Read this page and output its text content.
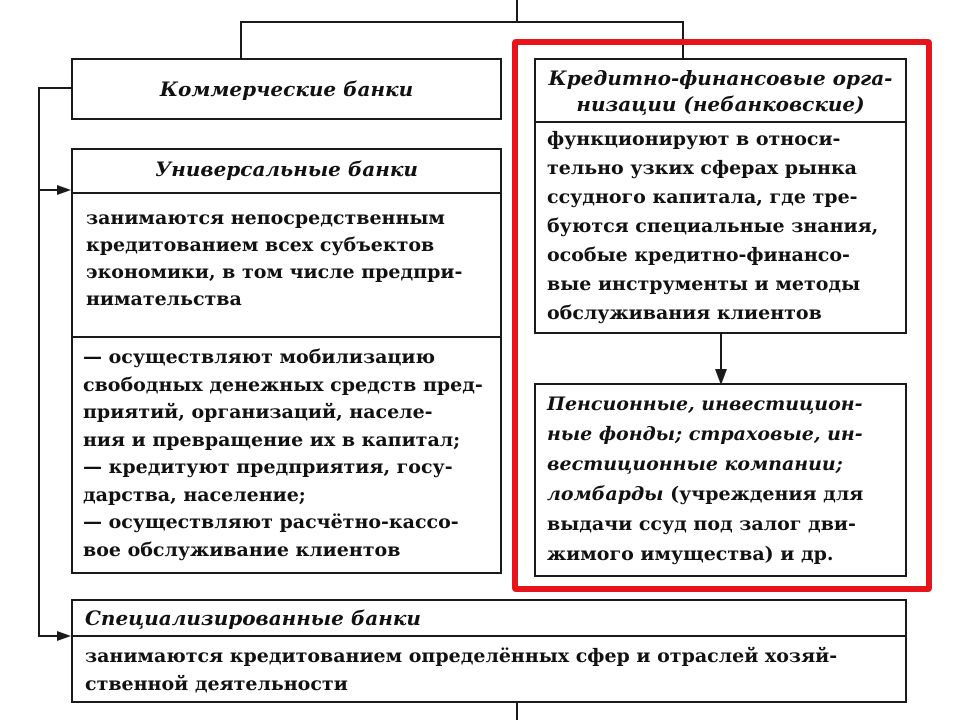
Коммерческие банки
Универсальные банки
занимаются непосредственным
кредитованием всех субъектов
экономики, в том числе предпри-
нимательства
— осуществляют мобилизацию
свободных денежных средств пред-
приятий, организаций, населе-
ния и превращение их в капитал;
— кредитуют предприятия, госу-
дарства, население;
— осуществляют расчётно-кассо-
вое обслуживание клиентов
Кредитно-финансовые орга-
низации (небанковские)
функционируют в относи-
тельно узких сферах рынка
ссудного капитала, где тре-
буются специальные знания,
особые кредитно-финансо-
вые инструменты и методы
обслуживания клиентов
Пенсионные, инвестицион-
ные фонды; страховые, ин-
вестиционные компании;
ломбарды (учреждения для
выдачи ссуд под залог дви-
жимого имущества) и др.
Специализированные банки
занимаются кредитованием определённых сфер и отраслей хозяй-
ственной деятельности
